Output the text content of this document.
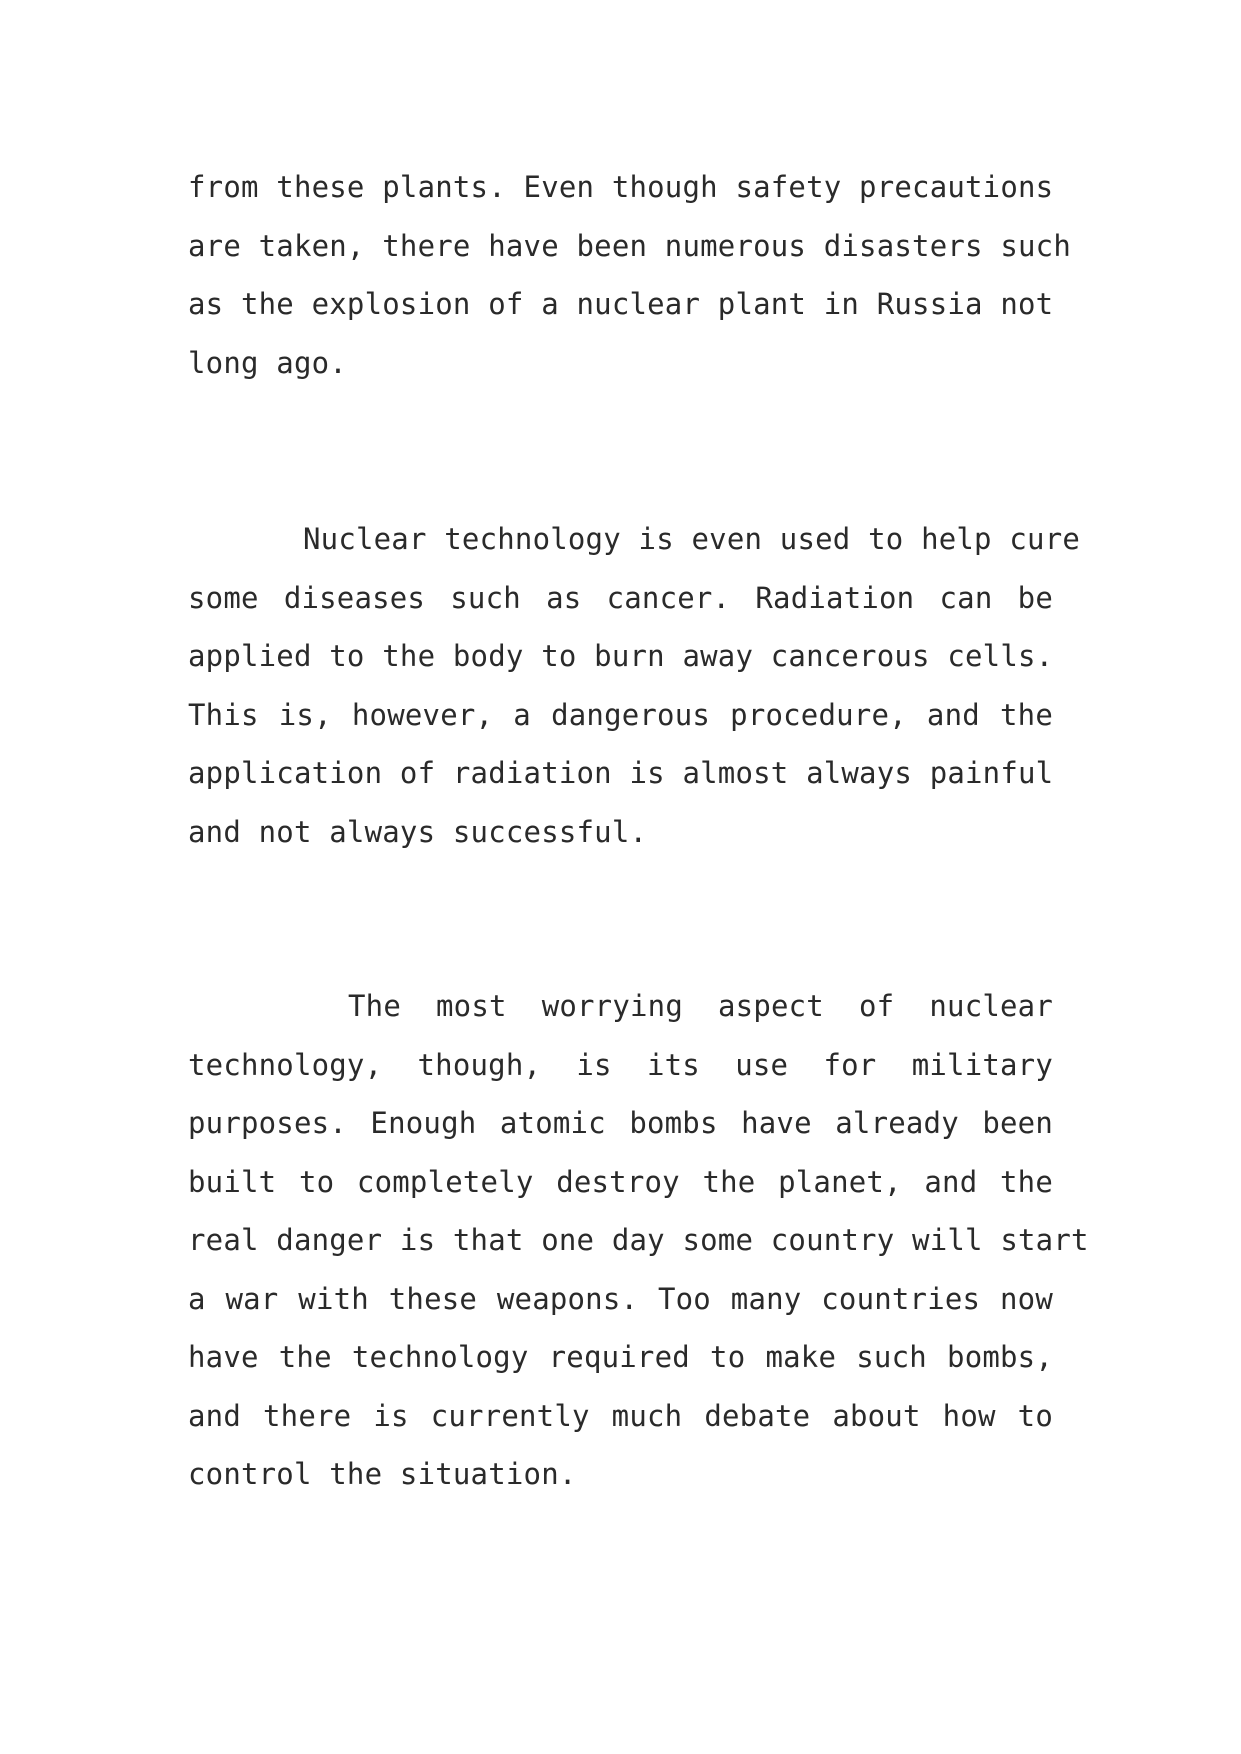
from these plants. Even though safety precautions
are taken, there have been numerous disasters such
as the explosion of a nuclear plant in Russia not
long ago.
Nuclear technology is even used to help cure
some diseases such as cancer. Radiation can be
applied to the body to burn away cancerous cells.
This is, however, a dangerous procedure, and the
application of radiation is almost always painful
and not always successful.
The most worrying aspect of nuclear
technology, though, is its use for military
purposes. Enough atomic bombs have already been
built to completely destroy the planet, and the
real danger is that one day some country will start
a war with these weapons. Too many countries now
have the technology required to make such bombs,
and there is currently much debate about how to
control the situation.
